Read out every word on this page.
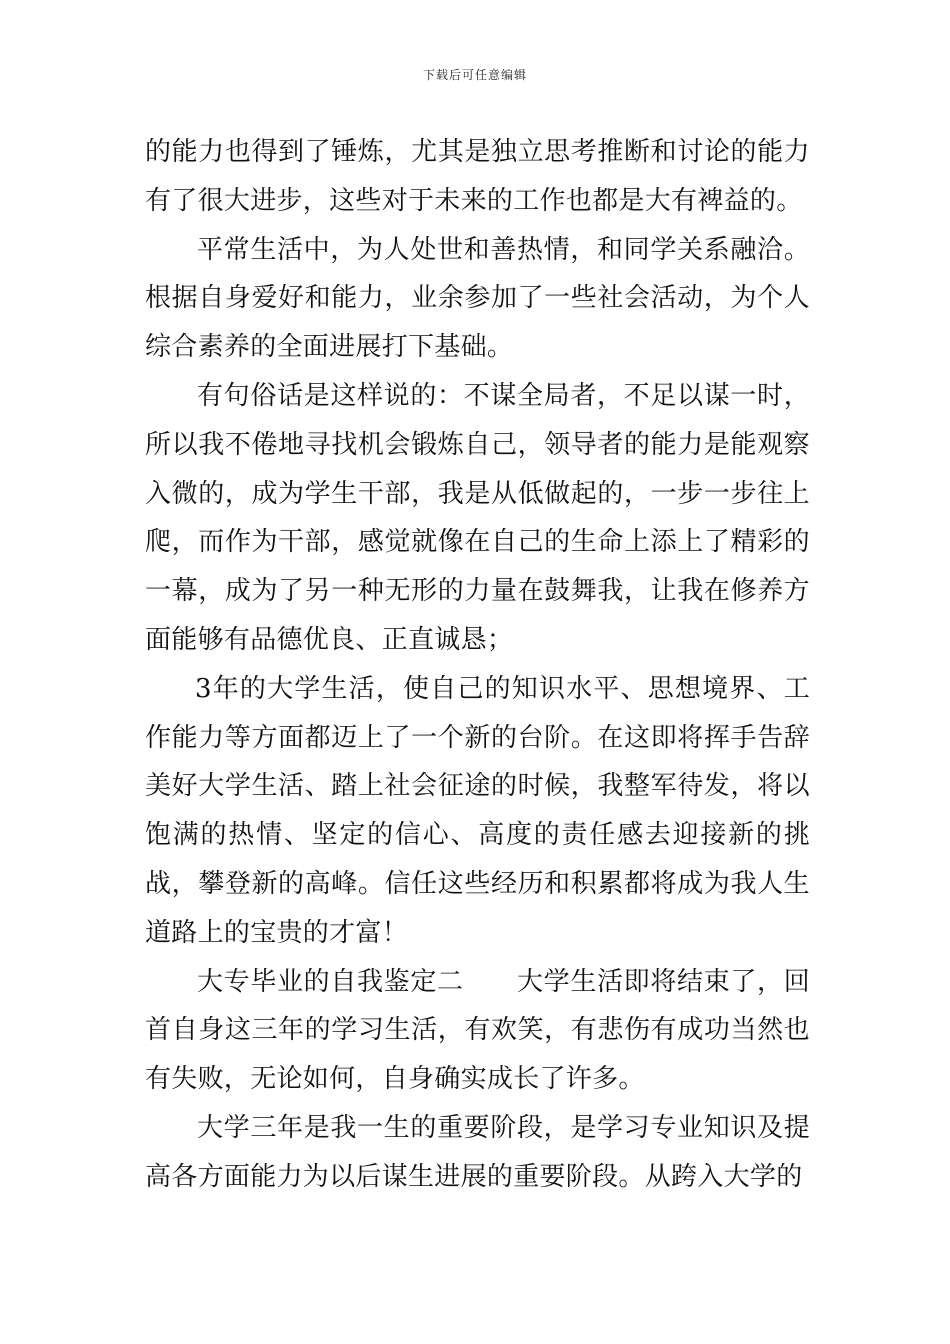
下载后可任意编辑

的能力也得到了锤炼，尤其是独立思考推断和讨论的能力有了很大进步，这些对于未来的工作也都是大有裨益的。

平常生活中，为人处世和善热情，和同学关系融洽。根据自身爱好和能力，业余参加了一些社会活动，为个人综合素养的全面进展打下基础。

有句俗话是这样说的：不谋全局者，不足以谋一时，所以我不倦地寻找机会锻炼自己，领导者的能力是能观察入微的，成为学生干部，我是从低做起的，一步一步往上爬，而作为干部，感觉就像在自己的生命上添上了精彩的一幕，成为了另一种无形的力量在鼓舞我，让我在修养方面能够有品德优良、正直诚恳；

3年的大学生活，使自己的知识水平、思想境界、工作能力等方面都迈上了一个新的台阶。在这即将挥手告辞美好大学生活、踏上社会征途的时候，我整军待发，将以饱满的热情、坚定的信心、高度的责任感去迎接新的挑战，攀登新的高峰。信任这些经历和积累都将成为我人生道路上的宝贵的才富！

大专毕业的自我鉴定二　　大学生活即将结束了，回首自身这三年的学习生活，有欢笑，有悲伤有成功当然也有失败，无论如何，自身确实成长了许多。

大学三年是我一生的重要阶段，是学习专业知识及提高各方面能力为以后谋生进展的重要阶段。从跨入大学的
